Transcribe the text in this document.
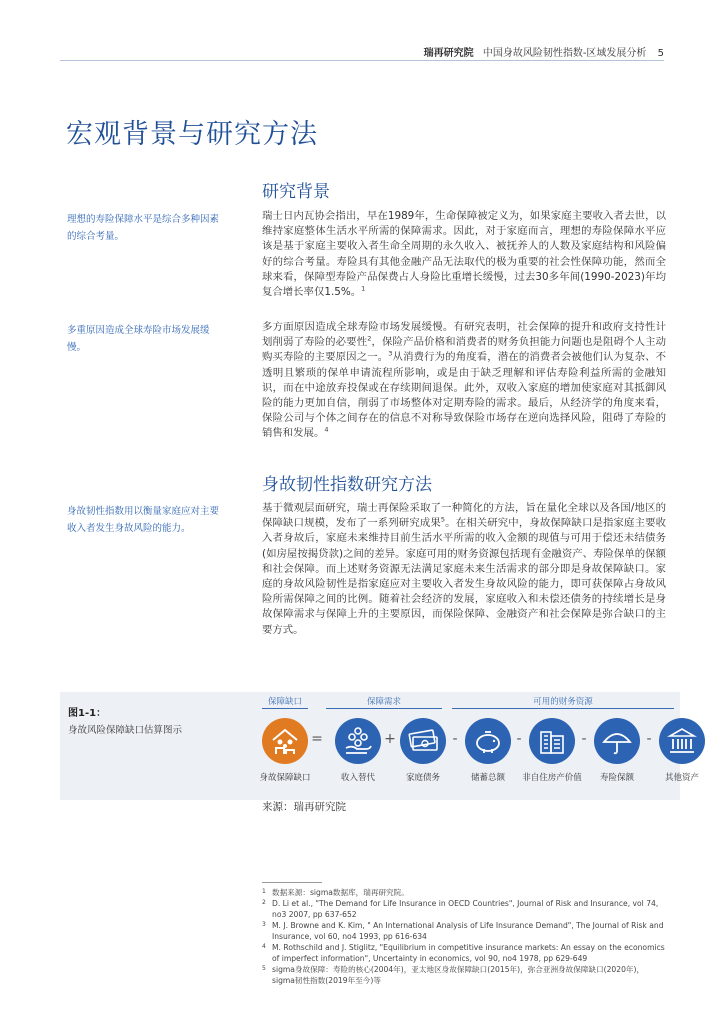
瑞再研究院 中国身故风险韧性指数-区域发展分析 5
宏观背景与研究方法
研究背景
理想的寿险保障水平是综合多种因素的综合考量。

瑞士日内瓦协会指出，早在1989年，生命保障被定义为，如果家庭主要收入者去世，以维持家庭整体生活水平所需的保障需求。因此，对于家庭而言，理想的寿险保障水平应该是基于家庭主要收入者生命全周期的永久收入、被抚养人的人数及家庭结构和风险偏好的综合考量。寿险具有其他金融产品无法取代的极为重要的社会性保障功能，然而全球来看，保障型寿险产品保费占人身险比重增长缓慢，过去30多年间(1990-2023)年均复合增长率仅1.5%。$^1$

多重原因造成全球寿险市场发展缓慢。

多方面原因造成全球寿险市场发展缓慢。有研究表明，社会保障的提升和政府支持性计划削弱了寿险的必要性$^2$，保险产品价格和消费者的财务负担能力问题也是阻碍个人主动购买寿险的主要原因之一。$^3$从消费行为的角度看，潜在的消费者会被他们认为复杂、不透明且繁琐的保单申请流程所影响，或是由于缺乏理解和评估寿险利益所需的金融知识，而在中途放弃投保或在存续期间退保。此外，双收入家庭的增加使家庭对其抵御风险的能力更加自信，削弱了市场整体对定期寿险的需求。最后，从经济学的角度来看，保险公司与个体之间存在的信息不对称导致保险市场存在逆向选择风险，阻碍了寿险的销售和发展。$^4$

身故韧性指数研究方法
身故韧性指数用以衡量家庭应对主要收入者发生身故风险的能力。

基于微观层面研究，瑞士再保险采取了一种简化的方法，旨在量化全球以及各国/地区的保障缺口规模，发布了一系列研究成果$^5$。在相关研究中，身故保障缺口是指家庭主要收入者身故后，家庭未来维持目前生活水平所需的收入金额的现值与可用于偿还未结债务(如房屋按揭贷款)之间的差异。家庭可用的财务资源包括现有金融资产、寿险保单的保额和社会保障。而上述财务资源无法满足家庭未来生活需求的部分即是身故保障缺口。家庭的身故风险韧性是指家庭应对主要收入者发生身故风险的能力，即可获保障占身故风险所需保障之间的比例。随着社会经济的发展，家庭收入和未偿还债务的持续增长是身故保障需求与保障上升的主要原因，而保险保障、金融资产和社会保障是弥合缺口的主要方式。

图1-1：
身故风险保障缺口估算图示
保障缺口	保障需求	可用的财务资源
=	+	-	-	-	-
身故保障缺口	收入替代	家庭债务	储蓄总额	非自住房产价值	寿险保额	其他资产
来源：瑞再研究院
1 数据来源：sigma数据库，瑞再研究院。
2 D. Li et al., "The Demand for Life Insurance in OECD Countries", Journal of Risk and Insurance, vol 74, no3 2007, pp 637-652
3 M. J. Browne and K. Kim, " An International Analysis of Life Insurance Demand", The Journal of Risk and Insurance, vol 60, no4 1993, pp 616-634
4 M. Rothschild and J. Stiglitz, "Equilibrium in competitive insurance markets: An essay on the economics of imperfect information", Uncertainty in economics, vol 90, no4 1978, pp 629-649
5 sigma身故保障：寿险的核心(2004年)，亚太地区身故保障缺口(2015年)，弥合亚洲身故保障缺口(2020年)，sigma韧性指数(2019年至今)等
